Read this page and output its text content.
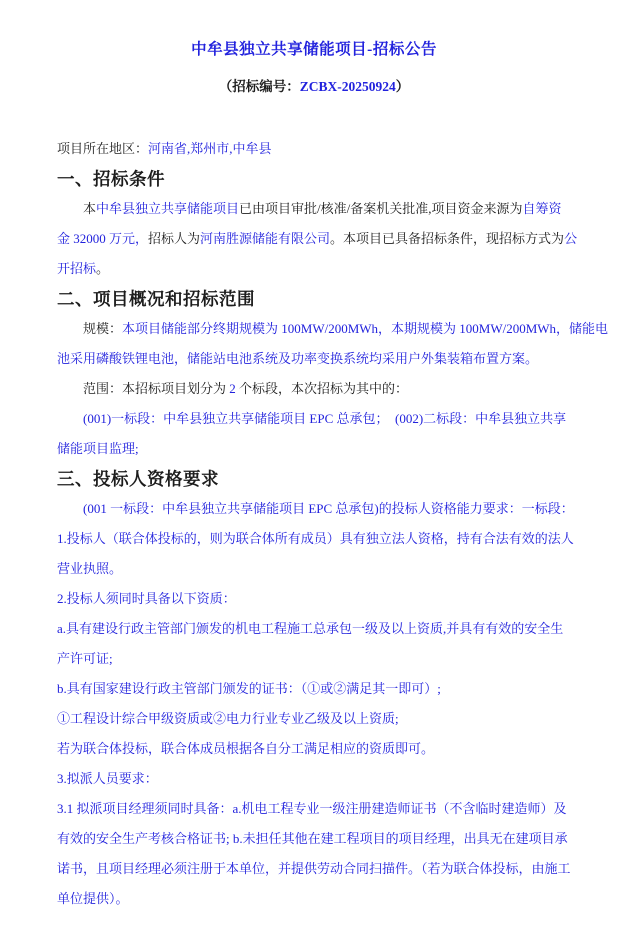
中牟县独立共享储能项目-招标公告
（招标编号：ZCBX-20250924）
项目所在地区：河南省,郑州市,中牟县
一、招标条件
本中牟县独立共享储能项目已由项目审批/核准/备案机关批准,项目资金来源为自筹资
金 32000 万元，招标人为河南胜源储能有限公司。本项目已具备招标条件，现招标方式为公
开招标。
二、项目概况和招标范围
规模：本项目储能部分终期规模为 100MW/200MWh，本期规模为 100MW/200MWh，储能电
池采用磷酸铁锂电池，储能站电池系统及功率变换系统均采用户外集装箱布置方案。
范围：本招标项目划分为 2 个标段，本次招标为其中的：
(001)一标段：中牟县独立共享储能项目 EPC 总承包；  (002)二标段：中牟县独立共享
储能项目监理;
三、投标人资格要求
(001 一标段：中牟县独立共享储能项目 EPC 总承包)的投标人资格能力要求：一标段：
1.投标人（联合体投标的，则为联合体所有成员）具有独立法人资格，持有合法有效的法人
营业执照。
2.投标人须同时具备以下资质：
a.具有建设行政主管部门颁发的机电工程施工总承包一级及以上资质,并具有有效的安全生
产许可证;
b.具有国家建设行政主管部门颁发的证书：（①或②满足其一即可）;
①工程设计综合甲级资质或②电力行业专业乙级及以上资质;
若为联合体投标，联合体成员根据各自分工满足相应的资质即可。
3.拟派人员要求：
3.1 拟派项目经理须同时具备：a.机电工程专业一级注册建造师证书（不含临时建造师）及
有效的安全生产考核合格证书; b.未担任其他在建工程项目的项目经理，出具无在建项目承
诺书，且项目经理必须注册于本单位，并提供劳动合同扫描件。（若为联合体投标，由施工
单位提供）。
